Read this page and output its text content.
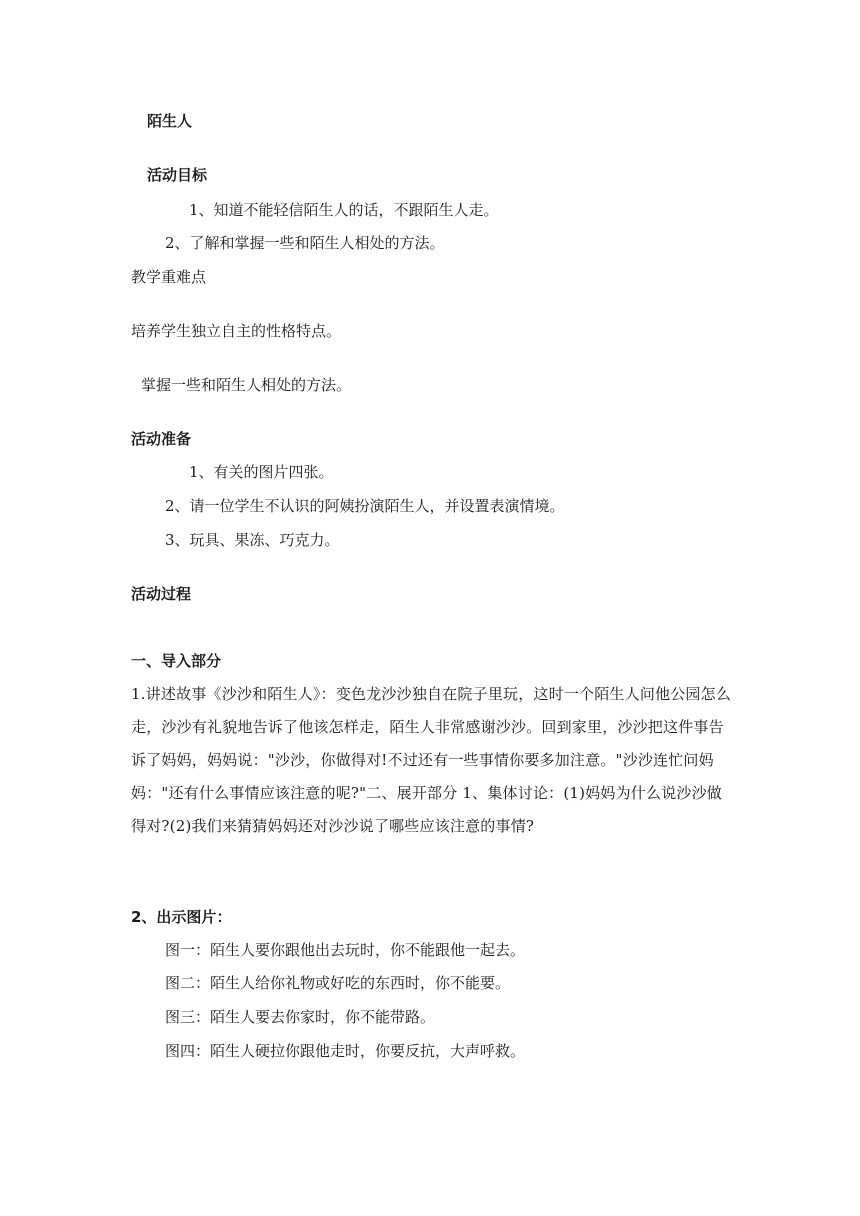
陌生人
活动目标
1、知道不能轻信陌生人的话，不跟陌生人走。
2、了解和掌握一些和陌生人相处的方法。
教学重难点
培养学生独立自主的性格特点。
掌握一些和陌生人相处的方法。
活动准备
1、有关的图片四张。
2、请一位学生不认识的阿姨扮演陌生人，并设置表演情境。
3、玩具、果冻、巧克力。
活动过程
一、导入部分
1.讲述故事《沙沙和陌生人》：变色龙沙沙独自在院子里玩，这时一个陌生人问他公园怎么走，沙沙有礼貌地告诉了他该怎样走，陌生人非常感谢沙沙。回到家里，沙沙把这件事告诉了妈妈，妈妈说："沙沙，你做得对!不过还有一些事情你要多加注意。"沙沙连忙问妈妈："还有什么事情应该注意的呢?"二、展开部分 1、集体讨论：(1)妈妈为什么说沙沙做得对?(2)我们来猜猜妈妈还对沙沙说了哪些应该注意的事情?
2、出示图片：
图一：陌生人要你跟他出去玩时，你不能跟他一起去。
图二：陌生人给你礼物或好吃的东西时，你不能要。
图三：陌生人要去你家时，你不能带路。
图四：陌生人硬拉你跟他走时，你要反抗，大声呼救。
